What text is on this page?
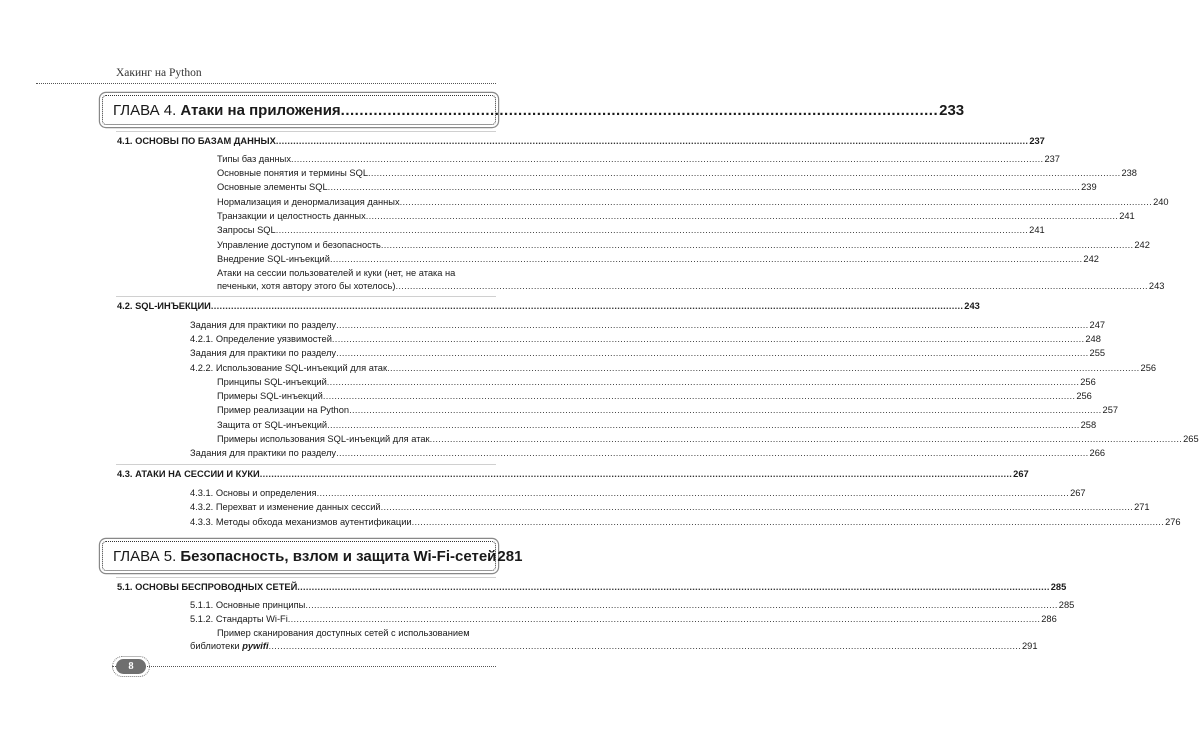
Хакинг на Python
ГЛАВА 4. Атаки на приложения .....	233
4.1. ОСНОВЫ ПО БАЗАМ ДАННЫХ .....	237
Типы баз данных .....	237
Основные понятия и термины SQL .....	238
Основные элементы SQL .....	239
Нормализация и денормализация данных .....	240
Транзакции и целостность данных .....	241
Запросы SQL .....	241
Управление доступом и безопасность .....	242
Внедрение SQL-инъекций .....	242
Атаки на сессии пользователей и куки (нет, не атака на
печеньки, хотя автору этого бы хотелось) .....	243
4.2. SQL-ИНЪЕКЦИИ .....	243
Задания для практики по разделу .....	247
4.2.1. Определение уязвимостей .....	248
Задания для практики по разделу .....	255
4.2.2. Использование SQL-инъекций для атак .....	256
Принципы SQL-инъекций .....	256
Примеры SQL-инъекций .....	256
Пример реализации на Python .....	257
Защита от SQL-инъекций .....	258
Примеры использования SQL-инъекций для атак .....	265
Задания для практики по разделу .....	266
4.3. АТАКИ НА СЕССИИ И КУКИ .....	267
4.3.1. Основы и определения .....	267
4.3.2. Перехват и изменение данных сессий .....	271
4.3.3. Методы обхода механизмов аутентификации .....	276
ГЛАВА 5. Безопасность, взлом и защита Wi-Fi-сетей 281
5.1. ОСНОВЫ БЕСПРОВОДНЫХ СЕТЕЙ .....	285
5.1.1. Основные принципы .....	285
5.1.2. Стандарты Wi-Fi .....	286
Пример сканирования доступных сетей с использованием
библиотеки pywifi .....	291
8
